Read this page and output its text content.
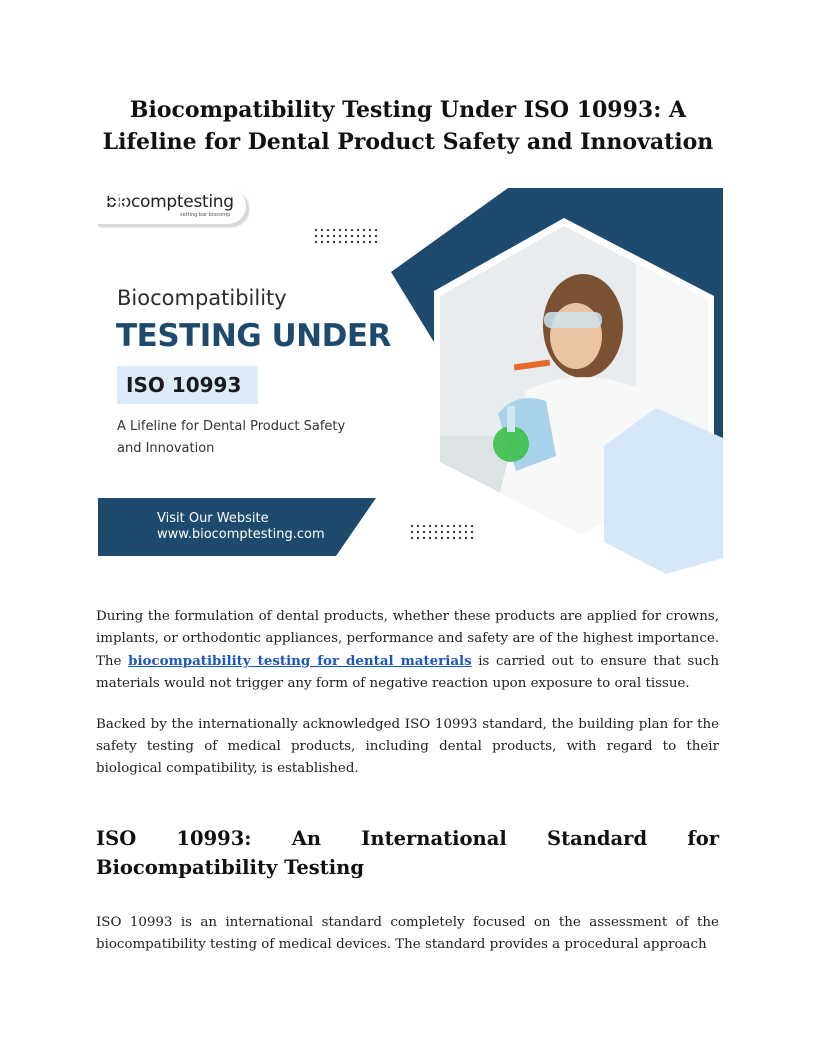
Biocompatibility Testing Under ISO 10993: A Lifeline for Dental Product Safety and Innovation
biocomptesting
setting bar biocomp

Biocompatibility

TESTING UNDER

ISO 10993

A Lifeline for Dental Product Safety and Innovation

Visit Our Website
www.biocomptesting.com

During the formulation of dental products, whether these products are applied for crowns, implants, or orthodontic appliances, performance and safety are of the highest importance. The biocompatibility testing for dental materials is carried out to ensure that such materials would not trigger any form of negative reaction upon exposure to oral tissue.

Backed by the internationally acknowledged ISO 10993 standard, the building plan for the safety testing of medical products, including dental products, with regard to their biological compatibility, is established.

ISO 10993: An International Standard for Biocompatibility Testing

ISO 10993 is an international standard completely focused on the assessment of the biocompatibility testing of medical devices. The standard provides a procedural approach
